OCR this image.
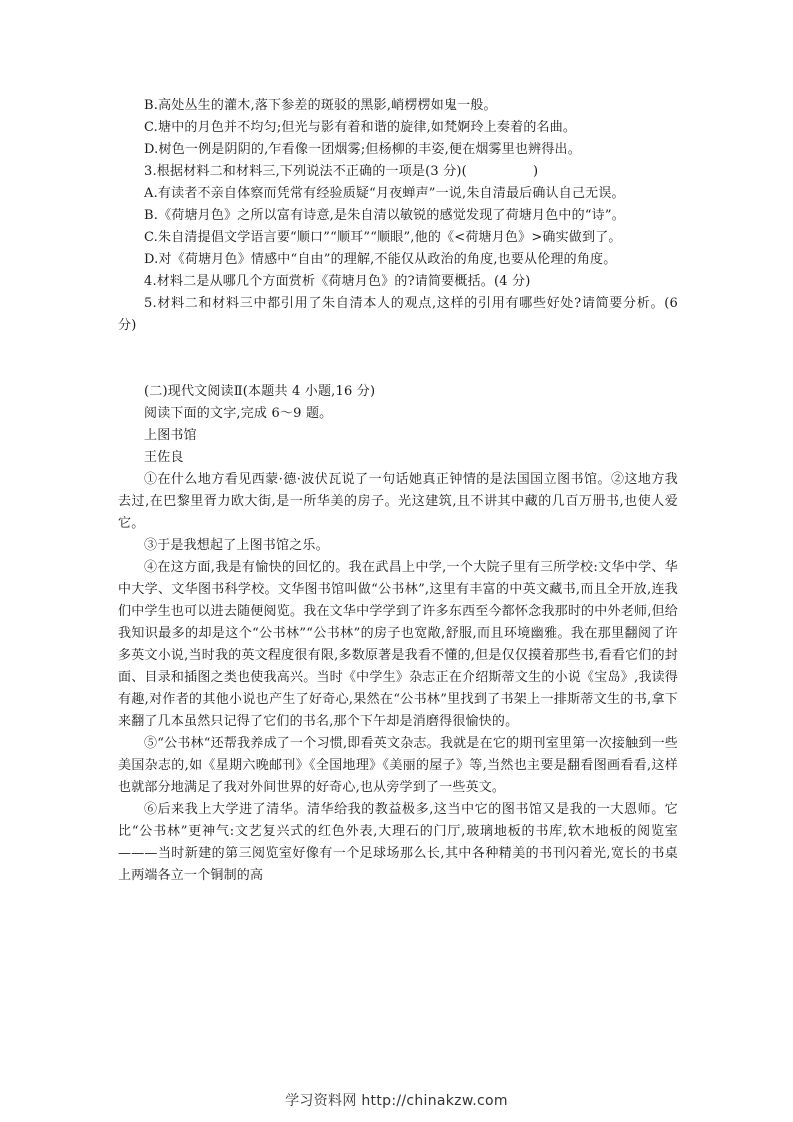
B.高处丛生的灌木,落下参差的斑驳的黑影,峭楞楞如鬼一般。

C.塘中的月色并不均匀;但光与影有着和谐的旋律,如梵婀玲上奏着的名曲。

D.树色一例是阴阴的,乍看像一团烟雾;但杨柳的丰姿,便在烟雾里也辨得出。

3.根据材料二和材料三,下列说法不正确的一项是(3 分)(　　　　　)

A.有读者不亲自体察而凭常有经验质疑“月夜蝉声”一说,朱自清最后确认自己无误。

B.《荷塘月色》之所以富有诗意,是朱自清以敏锐的感觉发现了荷塘月色中的“诗”。

C.朱自清提倡文学语言要“顺口”“顺耳”“顺眼”,他的《<荷塘月色》>确实做到了。

D.对《荷塘月色》情感中“自由”的理解,不能仅从政治的角度,也要从伦理的角度。

4.材料二是从哪几个方面赏析《荷塘月色》的?请简要概括。(4 分)

5.材料二和材料三中都引用了朱自清本人的观点,这样的引用有哪些好处?请简要分析。(6 分)

(二)现代文阅读Ⅱ(本题共 4 小题,16 分)

阅读下面的文字,完成 6～9 题。

上图书馆

王佐良

①在什么地方看见西蒙·德·波伏瓦说了一句话她真正钟情的是法国国立图书馆。②这地方我去过,在巴黎里胥力欧大街,是一所华美的房子。光这建筑,且不讲其中藏的几百万册书,也使人爱它。

③于是我想起了上图书馆之乐。

④在这方面,我是有愉快的回忆的。我在武昌上中学,一个大院子里有三所学校:文华中学、华中大学、文华图书科学校。文华图书馆叫做“公书林”,这里有丰富的中英文藏书,而且全开放,连我们中学生也可以进去随便阅览。我在文华中学学到了许多东西至今都怀念我那时的中外老师,但给我知识最多的却是这个“公书林”“公书林”的房子也宽敞,舒服,而且环境幽雅。我在那里翻阅了许多英文小说,当时我的英文程度很有限,多数原著是我看不懂的,但是仅仅摸着那些书,看看它们的封面、目录和插图之类也使我高兴。当时《中学生》杂志正在介绍斯蒂文生的小说《宝岛》,我读得有趣,对作者的其他小说也产生了好奇心,果然在“公书林”里找到了书架上一排斯蒂文生的书,拿下来翻了几本虽然只记得了它们的书名,那个下午却是消磨得很愉快的。

⑤“公书林“还帮我养成了一个习惯,即看英文杂志。我就是在它的期刊室里第一次接触到一些美国杂志的,如《星期六晚邮刊》《全国地理》《美丽的屋子》等,当然也主要是翻看图画看看,这样也就部分地满足了我对外间世界的好奇心,也从旁学到了一些英文。

⑥后来我上大学进了清华。清华给我的教益极多,这当中它的图书馆又是我的一大恩师。它比“公书林”更神气:文艺复兴式的红色外表,大理石的门厅,玻璃地板的书库,软木地板的阅览室———当时新建的第三阅览室好像有一个足球场那么长,其中各种精美的书刊闪着光,宽长的书桌上两端各立一个铜制的高

学习资料网 http://chinakzw.com
